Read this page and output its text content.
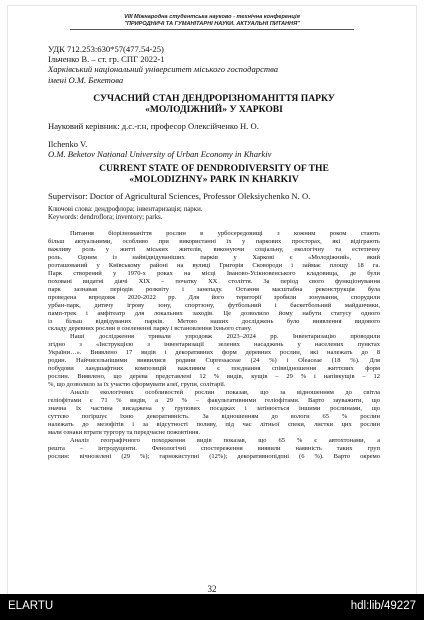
VIII Міжнародна студентська науково - технічна конференція
"ПРИРОДНИЧІ ТА ГУМАНІТАРНІ НАУКИ. АКТУАЛЬНІ ПИТАННЯ"
УДК 712.253:630*57(477.54-25)
Ільченко В. – ст. гр. СПГ 2022-1
Харківський національний університет міського господарства
імені О.М. Бекетова
СУЧАСНИЙ СТАН ДЕНДРОРІЗНОМАНІТТЯ ПАРКУ
«МОЛОДІЖНИЙ» У ХАРКОВІ
Науковий керівник: д.с.-г.н, професор Олексійченко Н. О.
Ilchenko V.
O.M. Beketov National University of Urban Economy in Kharkiv
CURRENT STATE OF DENDRODIVERSITY OF THE
«MOLODIZHNY» PARK IN KHARKIV
Supervisor: Doctor of Agricultural Sciences, Professor Oleksiychenko N. O.
Ключові слова: дендрофлора; інвентаризація; парки.
Keywords: dendroflora; inventory; parks.
Питання біорізноманіття рослин в урбосередовищі з кожним роком стають
більш актуальними, особливо при використанні їх у паркових просторах, які відіграють
важливу роль у житті міських жителів, виконуючи соціальну, екологічну та естетичну
роль. Одним із найвідвідуваніших парків у Харкові є «Молодіжний», який
розташований у Київському районі на вулиці Григорія Сковороди і займає площу 18 га.
Парк створений у 1970-х роках на місці Іваново-Усікновенського кладовища, де були
поховані видатні діячі ХІХ – початку ХХ століття. За період свого функціонування
парк зазнавав періодів розквіту і занепаду. Остання масштабна реконструкція була
проведена впродовж 2020-2022 рр. Для його території зробили зонування, спорудили
урбан-парк, дитячу ігрову зону, спортзону, футбольний і баскетбольний майданчики,
памп-трек і амфітеатр для локальних заходів. Це дозволило йому набути статусу одного
із більш відвідуваних парків. Метою наших досліджень було виявлення видового
складу деревних рослин в озелененні парку і встановлення їхнього стану.
Наші дослідження тривали упродовж 2023–2024 рр. Інвентаризацію проводили
згідно з «Інструкцією з інвентаризації зелених насаджень у населених пунктах
України…». Виявлено 17 видів і декоративних форм деревних рослин, які належать до 8
родин. Найчисельнішими виявилися родини Cupressaceae (24 %) і Oleaceae (18 %). Для
побудови ландшафтних композицій важливим є поєднання співвідношення життєвих форм
рослин. Виявлено, що дерева представлені 12 % видів, кущів – 29 % і напівкущів – 12
%, що дозволило за їх участю сформувати алеї, групи, солітарії.
Аналіз екологічних особливостей рослин показав, що за відношенням до світла
геліофітами є 71 % видів, а 29 % – факультативними геліофітами. Варто зауважити, що
значна їх частина висаджена у групових посадках і затінюється іншими рослинами, що
суттєво погіршує їхню декоративність. За відношенням до вологи 65 % рослин
належать до мезофітів і за відсутності поливу, під час літньої спеки, листки цих рослин
мали ознаки втрати тургору та передчасне пожовтіння.
Аналіз географічного походження видів показав, що 65 % є автохтонами, а
решта – інтродуценти. Фенологічні спостереження виявили наявність таких груп
рослин: вічнозелені (29 %); гарнокиступні (12%); декоративнопідпні (6 %). Варто окремо
32
ELARTU	hdl:lib/49227
